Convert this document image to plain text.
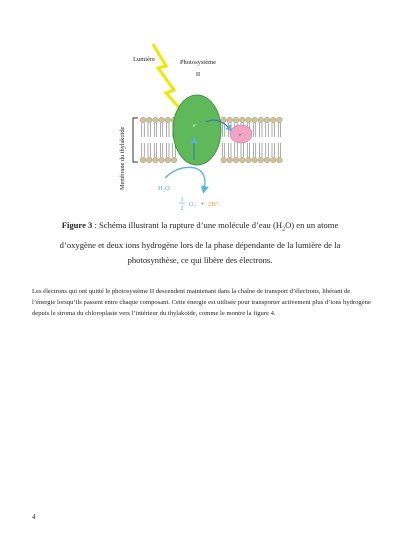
Membrane du thylakoïde
Lumière	Photosystème
II
e⁻
e⁻
H₂O
1
2
O₂ + 2H⁺
Figure 3 : Schéma illustrant la rupture d’une molécule d’eau $(H_2O)$ en un atome d’oxygène et deux ions hydrogène lors de la phase dépendante de la lumière de la photosynthèse, ce qui libère des électrons.

Les électrons qui ont quitté le photosystème II descendent maintenant dans la chaîne de transport d’électrons, libérant de l’énergie lorsqu’ils passent entre chaque composant. Cette énergie est utilisée pour transporter activement plus d’ions hydrogène depuis le stroma du chloroplaste vers l’intérieur du thylakoïde, comme le montre la figure 4.

4
